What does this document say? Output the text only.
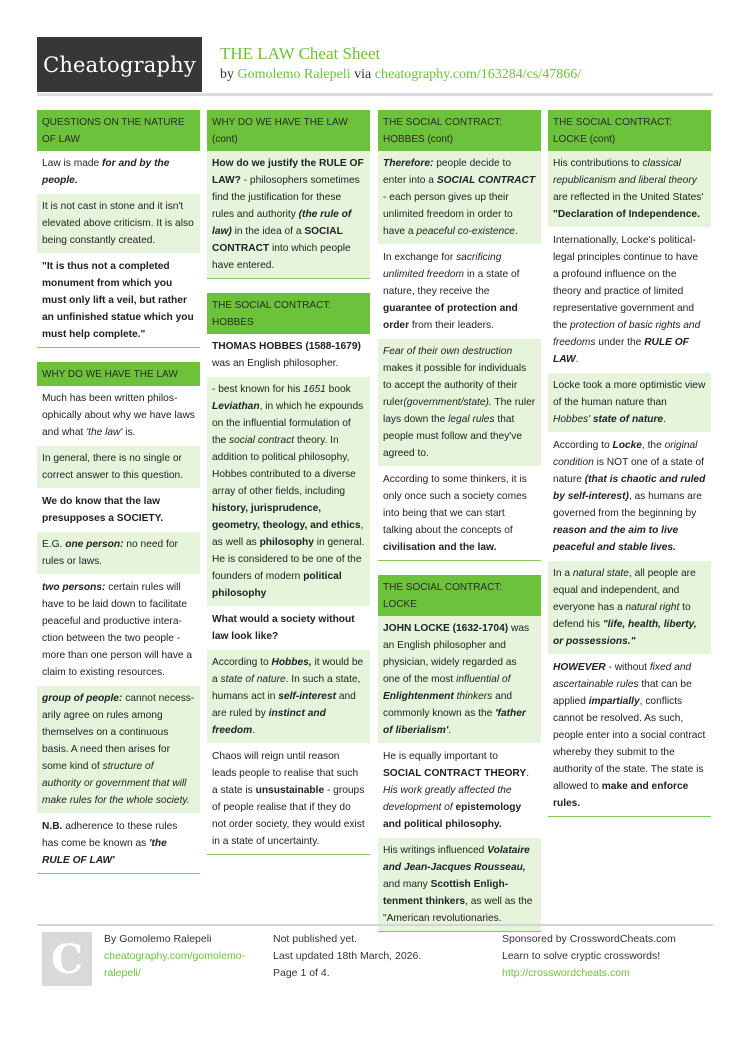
Cheatography THE LAW Cheat Sheet
by Gomolemo Ralepeli via cheatography.com/163284/cs/47866/
QUESTIONS ON THE NATURE OF LAW
Law is made for and by the people.
It is not cast in stone and it isn't elevated above criticism. It is also being constantly created.
"It is thus not a completed monument from which you must only lift a veil, but rather an unfinished statue which you must help complete."
WHY DO WE HAVE THE LAW
Much has been written philosophically about why we have laws and what 'the law' is.
In general, there is no single or correct answer to this question.
We do know that the law presupposes a SOCIETY.
E.G. one person: no need for rules or laws.
two persons: certain rules will have to be laid down to facilitate peaceful and productive interaction between the two people - more than one person will have a claim to existing resources.
group of people: cannot necessarily agree on rules among themselves on a continuous basis. A need then arises for some kind of structure of authority or government that will make rules for the whole society.
N.B. adherence to these rules has come be known as 'the RULE OF LAW'
WHY DO WE HAVE THE LAW (cont)
How do we justify the RULE OF LAW? - philosophers sometimes find the justification for these rules and authority (the rule of law) in the idea of a SOCIAL CONTRACT into which people have entered.
THE SOCIAL CONTRACT: HOBBES
THOMAS HOBBES (1588-1679) was an English philosopher.
- best known for his 1651 book Leviathan, in which he expounds on the influential formulation of the social contract theory. In addition to political philosophy, Hobbes contributed to a diverse array of other fields, including history, jurisprudence, geometry, theology, and ethics, as well as philosophy in general. He is considered to be one of the founders of modern political philosophy
What would a society without law look like?
According to Hobbes, it would be a state of nature. In such a state, humans act in self-interest and are ruled by instinct and freedom.
Chaos will reign until reason leads people to realise that such a state is unsustainable - groups of people realise that if they do not order society, they would exist in a state of uncertainty.
THE SOCIAL CONTRACT: HOBBES (cont)
Therefore: people decide to enter into a SOCIAL CONTRACT - each person gives up their unlimited freedom in order to have a peaceful co-existence.
In exchange for sacrificing unlimited freedom in a state of nature, they receive the guarantee of protection and order from their leaders.
Fear of their own destruction makes it possible for individuals to accept the authority of their ruler(government/state). The ruler lays down the legal rules that people must follow and they've agreed to.
According to some thinkers, it is only once such a society comes into being that we can start talking about the concepts of civilisation and the law.
THE SOCIAL CONTRACT: LOCKE
JOHN LOCKE (1632-1704) was an English philosopher and physician, widely regarded as one of the most influential of Enlightenment thinkers and commonly known as the 'father of liberialism'.
He is equally important to SOCIAL CONTRACT THEORY. His work greatly affected the development of epistemology and political philosophy.
His writings influenced Volataire and Jean-Jacques Rousseau, and many Scottish Enlightenment thinkers, as well as the "American revolutionaries.
THE SOCIAL CONTRACT: LOCKE (cont)
His contributions to classical republicanism and liberal theory are reflected in the United States' "Declaration of Independence.
Internationally, Locke's political-legal principles continue to have a profound influence on the theory and practice of limited representative government and the protection of basic rights and freedoms under the RULE OF LAW.
Locke took a more optimistic view of the human nature than Hobbes' state of nature.
According to Locke, the original condition is NOT one of a state of nature (that is chaotic and ruled by self-interest), as humans are governed from the beginning by reason and the aim to live peaceful and stable lives.
In a natural state, all people are equal and independent, and everyone has a natural right to defend his "life, health, liberty, or possessions."
HOWEVER - without fixed and ascertainable rules that can be applied impartially, conflicts cannot be resolved. As such, people enter into a social contract whereby they submit to the authority of the state. The state is allowed to make and enforce rules.
C By Gomolemo Ralepeli
cheatography.com/gomolemo-
ralepeli/
Not published yet.
Last updated 18th March, 2026.
Page 1 of 4.
Sponsored by CrosswordCheats.com
Learn to solve cryptic crosswords!
http://crosswordcheats.com
